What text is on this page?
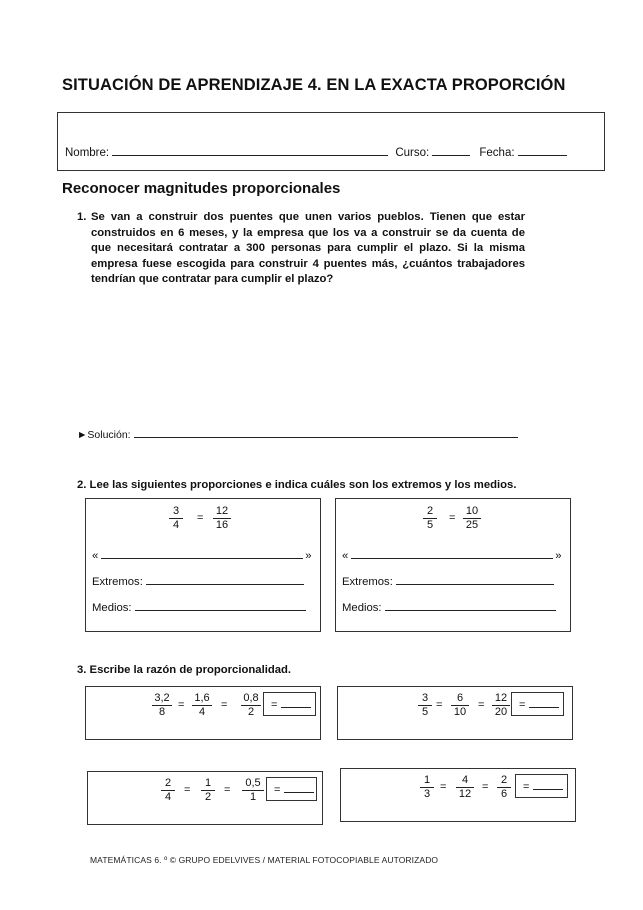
SITUACIÓN DE APRENDIZAJE 4. EN LA EXACTA PROPORCIÓN
Nombre:	Curso:	Fecha:
Reconocer magnitudes proporcionales
1. Se van a construir dos puentes que unen varios pueblos. Tienen que estar construidos en 6 meses, y la empresa que los va a construir se da cuenta de que necesitará contratar a 300 personas para cumplir el plazo. Si la misma empresa fuese escogida para construir 4 puentes más, ¿cuántos trabajadores tendrían que contratar para cumplir el plazo?
►Solución:
2. Lee las siguientes proporciones e indica cuáles son los extremos y los medios.
$\frac{3}{4} = \frac{12}{16}$
«	»
Extremos:
Medios:
$\frac{2}{5} = \frac{10}{25}$
«	»
Extremos:
Medios:
3. Escribe la razón de proporcionalidad.
$\frac{3,2}{8} = \frac{1,6}{4} = \frac{0,8}{2}$ =	$\frac{3}{5} = \frac{6}{10} = \frac{12}{20}$ =
$\frac{2}{4} = \frac{1}{2} = \frac{0,5}{1}$ =	$\frac{1}{3} = \frac{4}{12} = \frac{2}{6}$	=
MATEMÁTICAS 6. º © GRUPO EDELVIVES / MATERIAL FOTOCOPIABLE AUTORIZADO
